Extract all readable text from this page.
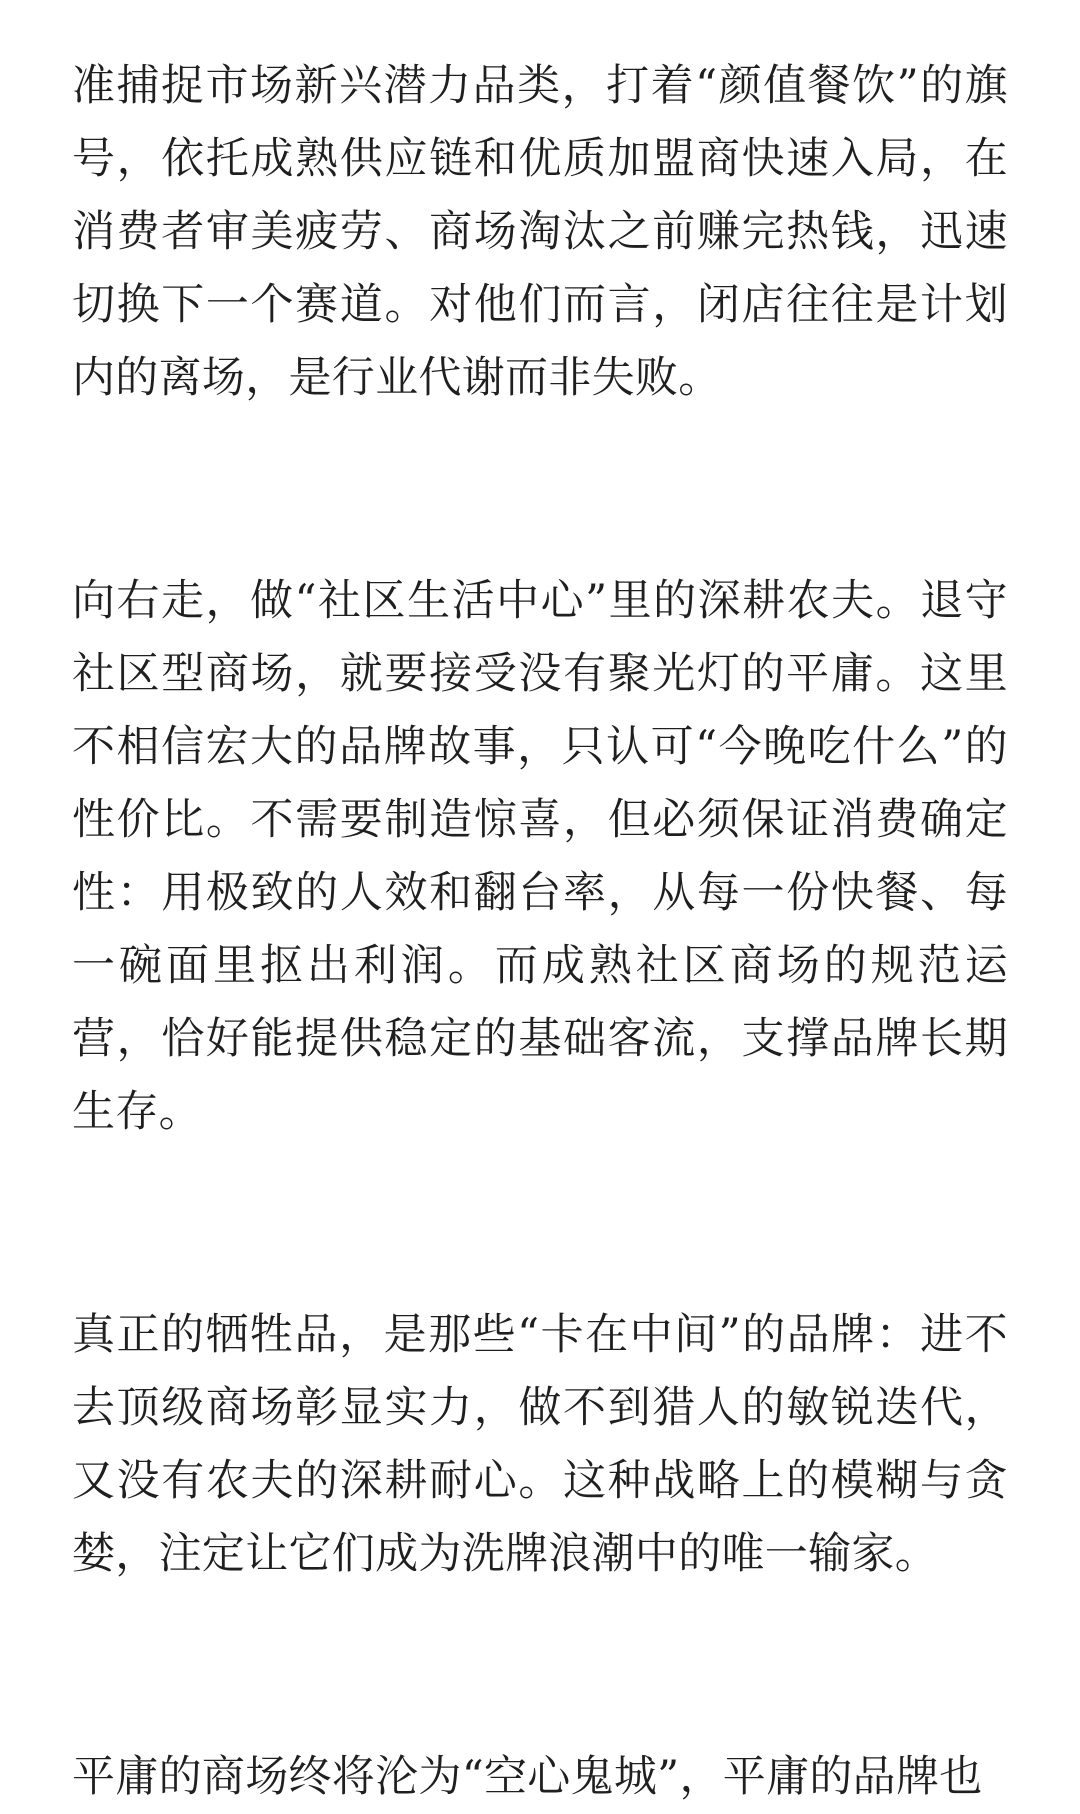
准捕捉市场新兴潜力品类，打着“颜值餐饮”的旗号，依托成熟供应链和优质加盟商快速入局，在消费者审美疲劳、商场淘汰之前赚完热钱，迅速切换下一个赛道。对他们而言，闭店往往是计划内的离场，是行业代谢而非失败。

向右走，做“社区生活中心”里的深耕农夫。退守社区型商场，就要接受没有聚光灯的平庸。这里不相信宏大的品牌故事，只认可“今晚吃什么”的性价比。不需要制造惊喜，但必须保证消费确定性：用极致的人效和翻台率，从每一份快餐、每一碗面里抠出利润。而成熟社区商场的规范运营，恰好能提供稳定的基础客流，支撑品牌长期生存。

真正的牺牲品，是那些“卡在中间”的品牌：进不去顶级商场彰显实力，做不到猎人的敏锐迭代，又没有农夫的深耕耐心。这种战略上的模糊与贪婪，注定让它们成为洗牌浪潮中的唯一输家。

平庸的商场终将沦为“空心鬼城”，平庸的品牌也
